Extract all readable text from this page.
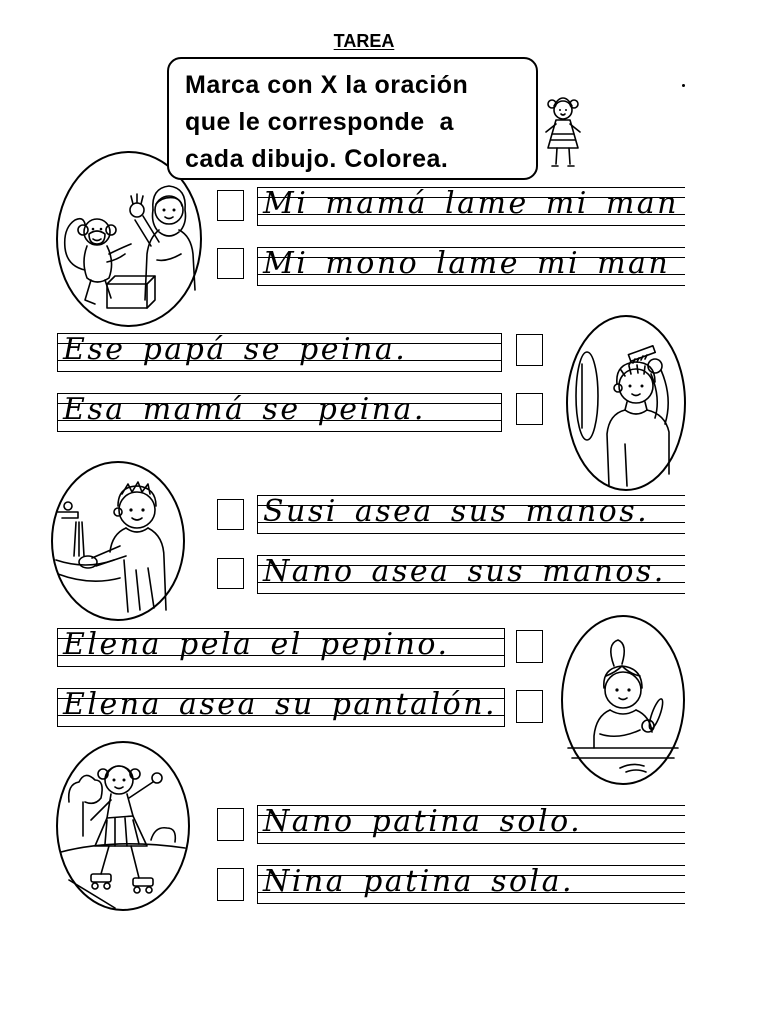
TAREA
Marca con X la oración
que le corresponde  a
cada dibujo. Colorea.
Mi mamá lame mi man
Mi mono lame mi man
Ese papá se peina.
Esa mamá se peina.
Susi asea sus manos.
Nano asea sus manos.
Elena pela el pepino.
Elena asea su pantalón.
Nano patina solo.
Nina patina sola.
